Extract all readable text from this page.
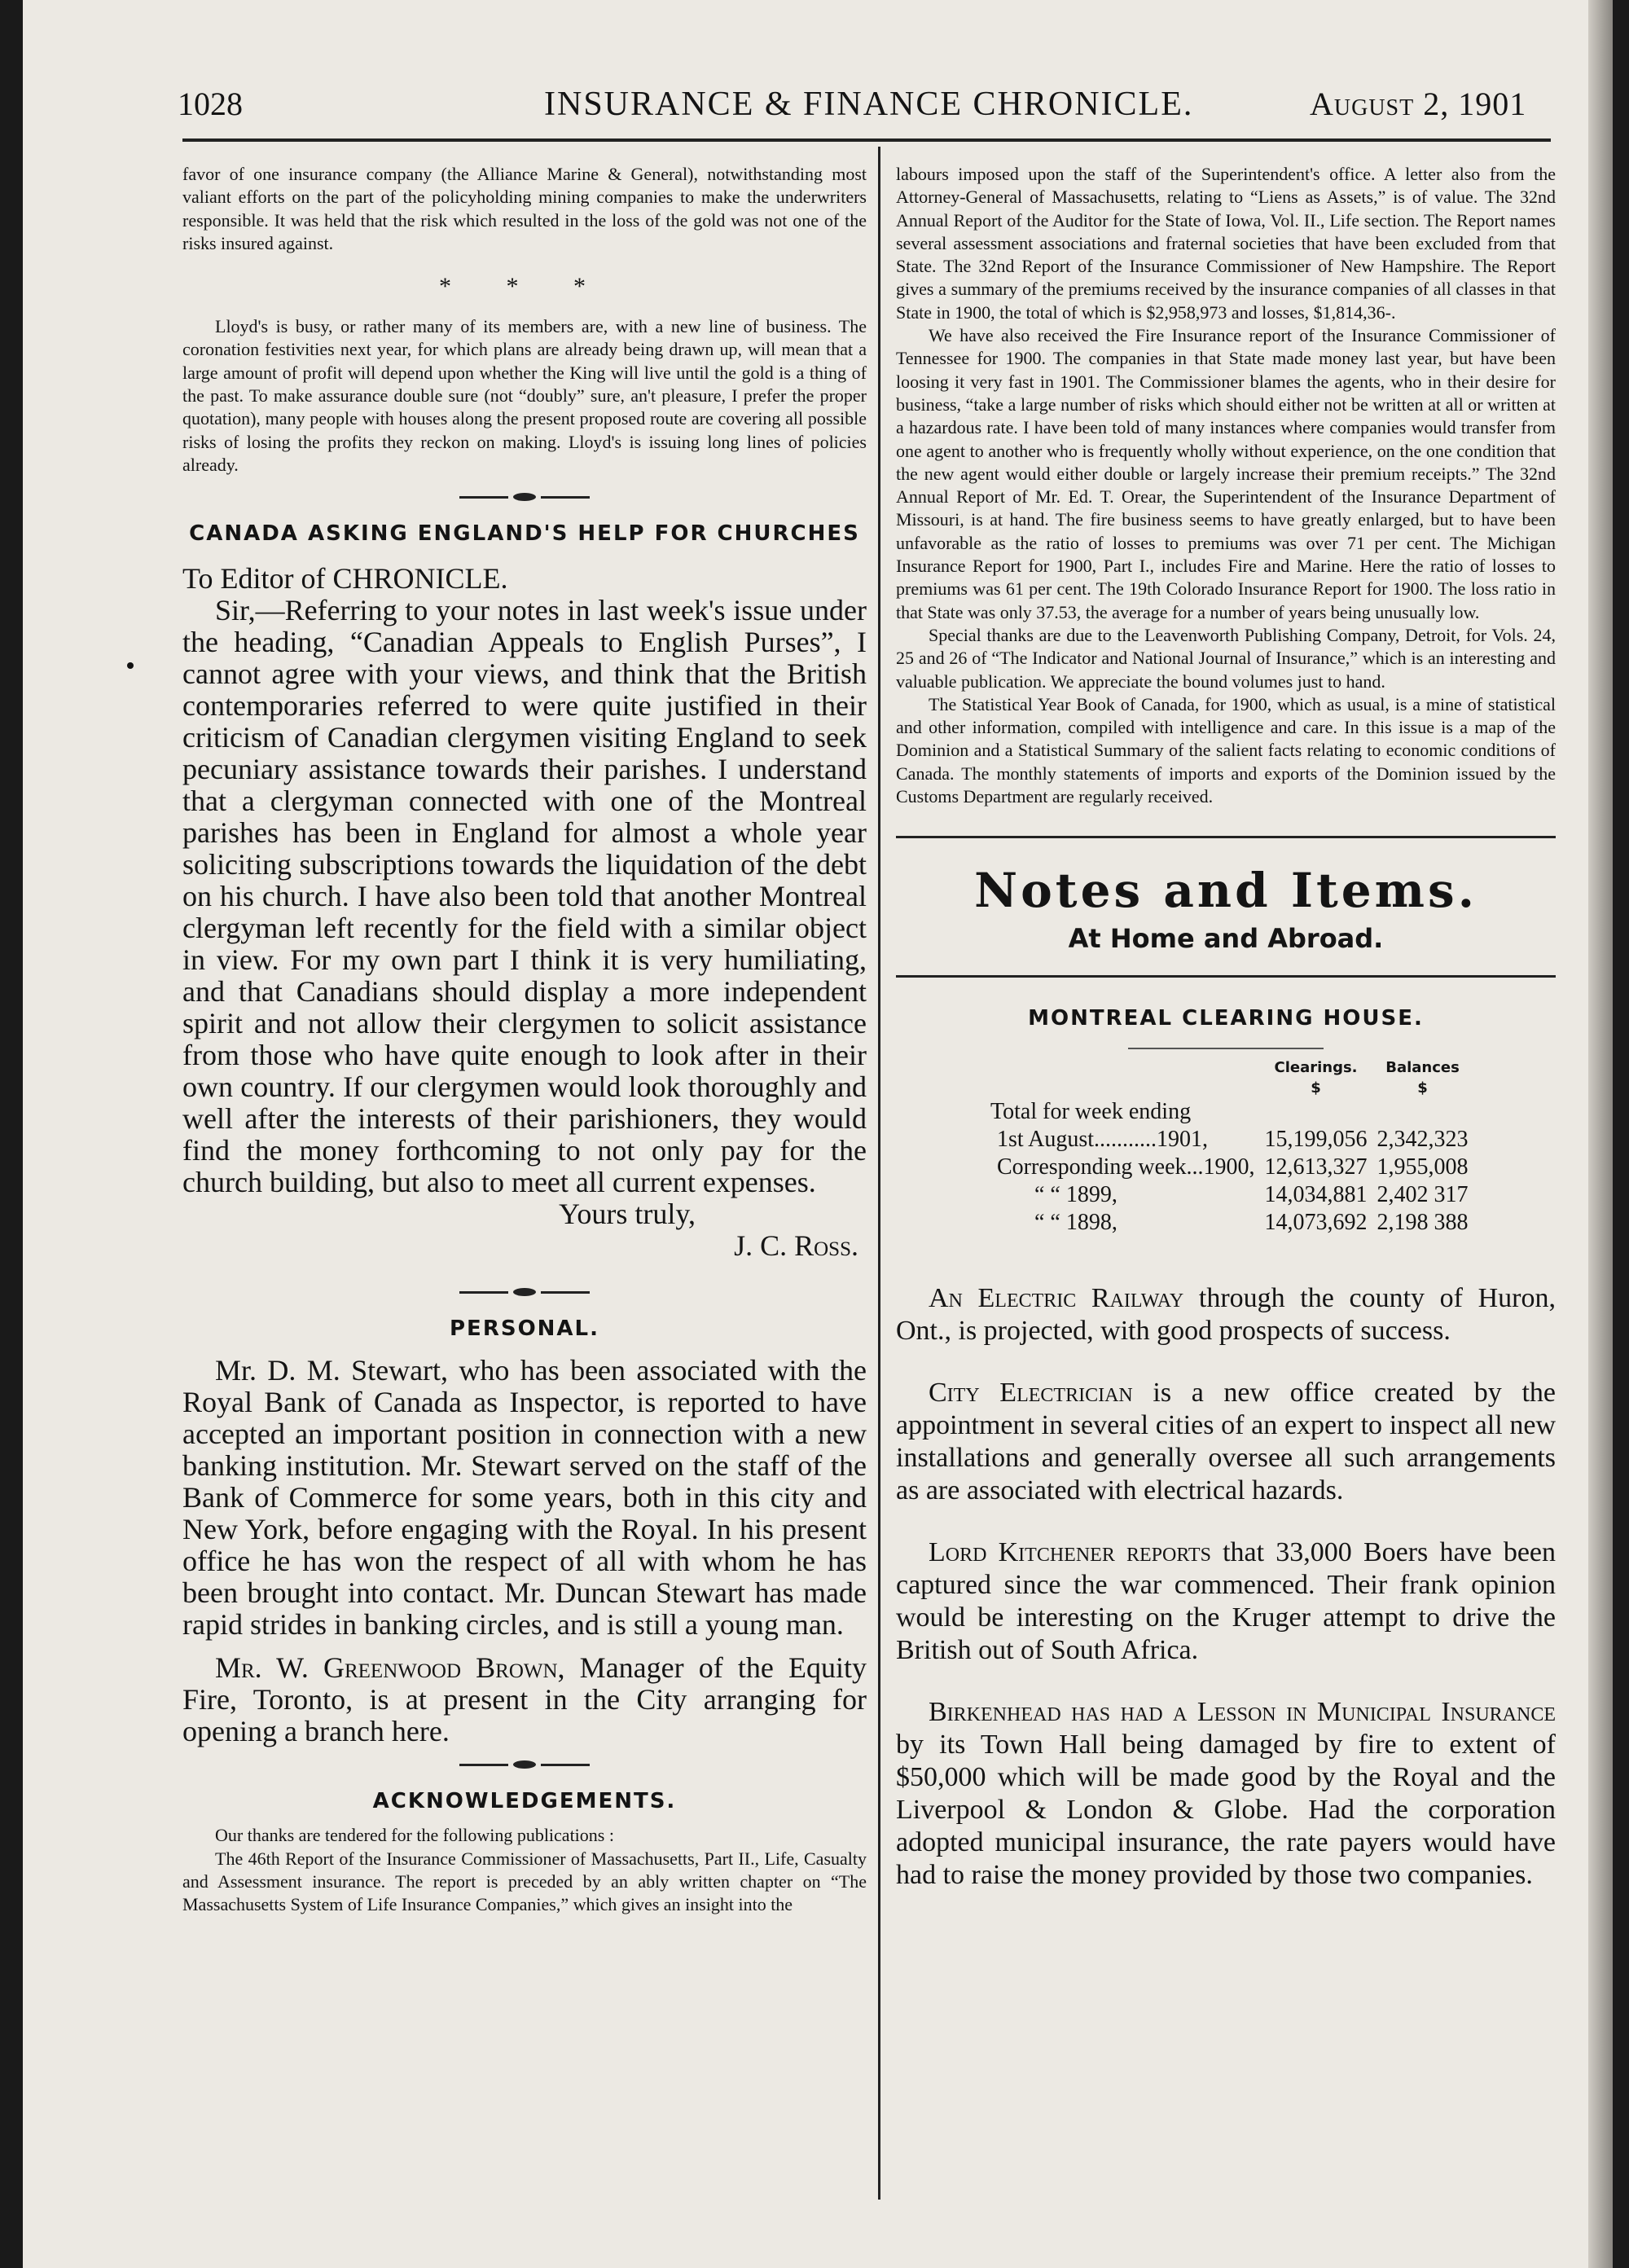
1028	INSURANCE & FINANCE CHRONICLE.	August 2, 1901

favor of one insurance company (the Alliance Marine & General), notwithstanding most valiant efforts on the part of the policyholding mining companies to make the underwriters responsible. It was held that the risk which resulted in the loss of the gold was not one of the risks insured against.

* * *

Lloyd's is busy, or rather many of its members are, with a new line of business. The coronation festivities next year, for which plans are already being drawn up, will mean that a large amount of profit will depend upon whether the King will live until the gold is a thing of the past. To make assurance double sure (not “doubly” sure, an't pleasure, I prefer the proper quotation), many people with houses along the present proposed route are covering all possible risks of losing the profits they reckon on making. Lloyd's is issuing long lines of policies already.

CANADA ASKING ENGLAND'S HELP FOR CHURCHES

To Editor of CHRONICLE.

Sir,—Referring to your notes in last week's issue under the heading, “Canadian Appeals to English Purses”, I cannot agree with your views, and think that the British contemporaries referred to were quite justified in their criticism of Canadian clergymen visiting England to seek pecuniary assistance towards their parishes. I understand that a clergyman connected with one of the Montreal parishes has been in England for almost a whole year soliciting subscriptions towards the liquidation of the debt on his church. I have also been told that another Montreal clergyman left recently for the field with a similar object in view. For my own part I think it is very humiliating, and that Canadians should display a more independent spirit and not allow their clergymen to solicit assistance from those who have quite enough to look after in their own country. If our clergymen would look thoroughly and well after the interests of their parishioners, they would find the money forthcoming to not only pay for the church building, but also to meet all current expenses.

Yours truly,

J. C. Ross.

PERSONAL.

Mr. D. M. Stewart, who has been associated with the Royal Bank of Canada as Inspector, is reported to have accepted an important position in connection with a new banking institution. Mr. Stewart served on the staff of the Bank of Commerce for some years, both in this city and New York, before engaging with the Royal. In his present office he has won the respect of all with whom he has been brought into contact. Mr. Duncan Stewart has made rapid strides in banking circles, and is still a young man.

Mr. W. Greenwood Brown, Manager of the Equity Fire, Toronto, is at present in the City arranging for opening a branch here.

ACKNOWLEDGEMENTS.

Our thanks are tendered for the following publications :

The 46th Report of the Insurance Commissioner of Massachusetts, Part II., Life, Casualty and Assessment insurance. The report is preceded by an ably written chapter on “The Massachusetts System of Life Insurance Companies,” which gives an insight into the

labours imposed upon the staff of the Superintendent's office. A letter also from the Attorney-General of Massachusetts, relating to “Liens as Assets,” is of value. The 32nd Annual Report of the Auditor for the State of Iowa, Vol. II., Life section. The Report names several assessment associations and fraternal societies that have been excluded from that State. The 32nd Report of the Insurance Commissioner of New Hampshire. The Report gives a summary of the premiums received by the insurance companies of all classes in that State in 1900, the total of which is $2,958,973 and losses, $1,814,36-.

We have also received the Fire Insurance report of the Insurance Commissioner of Tennessee for 1900. The companies in that State made money last year, but have been loosing it very fast in 1901. The Commissioner blames the agents, who in their desire for business, “take a large number of risks which should either not be written at all or written at a hazardous rate. I have been told of many instances where companies would transfer from one agent to another who is frequently wholly without experience, on the one condition that the new agent would either double or largely increase their premium receipts.” The 32nd Annual Report of Mr. Ed. T. Orear, the Superintendent of the Insurance Department of Missouri, is at hand. The fire business seems to have greatly enlarged, but to have been unfavorable as the ratio of losses to premiums was over 71 per cent. The Michigan Insurance Report for 1900, Part I., includes Fire and Marine. Here the ratio of losses to premiums was 61 per cent. The 19th Colorado Insurance Report for 1900. The loss ratio in that State was only 37.53, the average for a number of years being unusually low.

Special thanks are due to the Leavenworth Publishing Company, Detroit, for Vols. 24, 25 and 26 of “The Indicator and National Journal of Insurance,” which is an interesting and valuable publication. We appreciate the bound volumes just to hand.

The Statistical Year Book of Canada, for 1900, which as usual, is a mine of statistical and other information, compiled with intelligence and care. In this issue is a map of the Dominion and a Statistical Summary of the salient facts relating to economic conditions of Canada. The monthly statements of imports and exports of the Dominion issued by the Customs Department are regularly received.

Notes and Items.
At Home and Abroad.
MONTREAL CLEARING HOUSE.
	Clearings.	Balances
	$	$
Total for week ending		
1st August...........1901,	15,199,056	2,342,323
Corresponding week...1900,	12,613,327	1,955,008
“ “ 1899,	14,034,881	2,402 317
“ “ 1898,	14,073,692	2,198 388

An Electric Railway through the county of Huron, Ont., is projected, with good prospects of success.

City Electrician is a new office created by the appointment in several cities of an expert to inspect all new installations and generally oversee all such arrangements as are associated with electrical hazards.

Lord Kitchener reports that 33,000 Boers have been captured since the war commenced. Their frank opinion would be interesting on the Kruger attempt to drive the British out of South Africa.

Birkenhead has had a Lesson in Municipal Insurance by its Town Hall being damaged by fire to extent of $50,000 which will be made good by the Royal and the Liverpool & London & Globe. Had the corporation adopted municipal insurance, the rate payers would have had to raise the money provided by those two companies.
